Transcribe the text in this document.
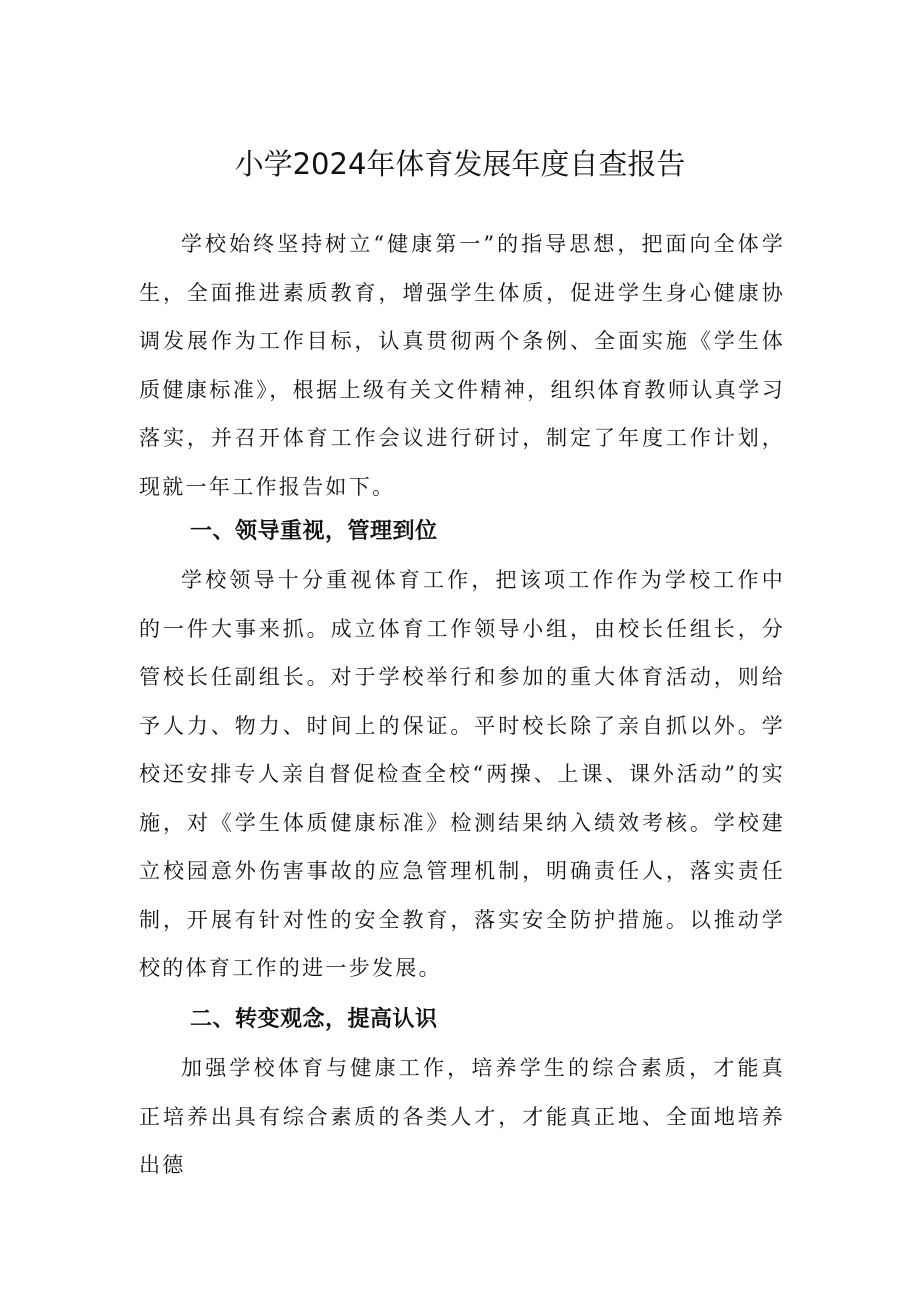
小学2024年体育发展年度自查报告

学校始终坚持树立“健康第一”的指导思想，把面向全体学生，全面推进素质教育，增强学生体质，促进学生身心健康协调发展作为工作目标，认真贯彻两个条例、全面实施《学生体质健康标准》，根据上级有关文件精神，组织体育教师认真学习落实，并召开体育工作会议进行研讨，制定了年度工作计划，现就一年工作报告如下。

一、领导重视，管理到位

学校领导十分重视体育工作，把该项工作作为学校工作中的一件大事来抓。成立体育工作领导小组，由校长任组长，分管校长任副组长。对于学校举行和参加的重大体育活动，则给予人力、物力、时间上的保证。平时校长除了亲自抓以外。学校还安排专人亲自督促检查全校“两操、上课、课外活动”的实施，对《学生体质健康标准》检测结果纳入绩效考核。学校建立校园意外伤害事故的应急管理机制，明确责任人，落实责任制，开展有针对性的安全教育，落实安全防护措施。以推动学校的体育工作的进一步发展。

二、转变观念，提高认识

加强学校体育与健康工作，培养学生的综合素质，才能真正培养出具有综合素质的各类人才，才能真正地、全面地培养出德
